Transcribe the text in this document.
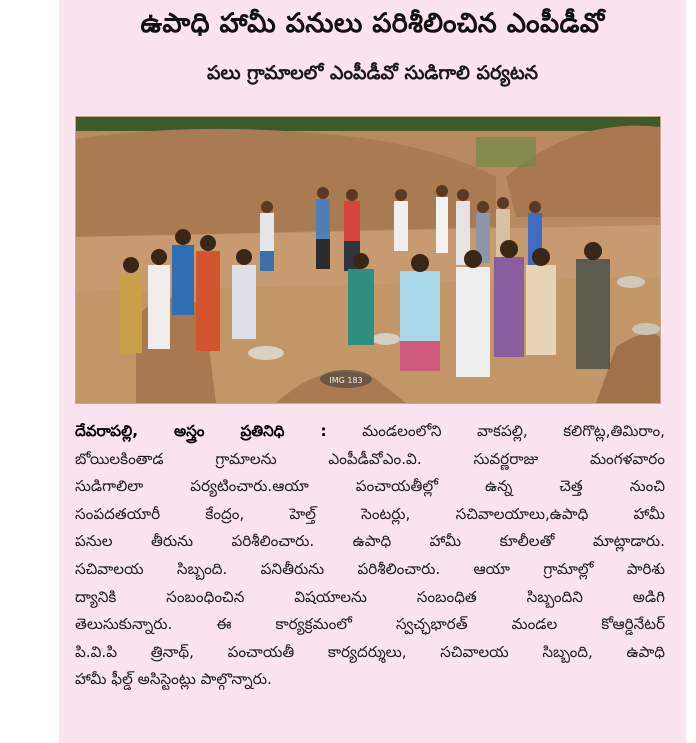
ఉపాధి హామీ పనులు పరిశీలించిన ఎంపీడీవో
పలు గ్రామాలలో ఎంపీడీవో సుడిగాలి పర్యటన
IMG 183

దేవరాపల్లి, అస్త్రం ప్రతినిధి : మండలంలోని వాకపల్లి, కలిగొట్ల,తిమిరాం,

బోయిలకింతాడ గ్రామాలను ఎంపీడీవోఎం.వి. సువర్ణరాజు మంగళవారం

సుడిగాలిలా పర్యటించారు.ఆయా పంచాయతీల్లో ఉన్న చెత్త నుంచి

సంపదతయారీ కేంద్రం, హెల్త్ సెంటర్లు, సచివాలయాలు,ఉపాధి హామీ

పనుల తీరును పరిశీలించారు. ఉపాధి హామీ కూలీలతో మాట్లాడారు.

సచివాలయ సిబ్బంది. పనితీరును పరిశీలించారు. ఆయా గ్రామాల్లో పారిశు

ద్యానికి సంబంధించిన విషయాలను సంబంధిత సిబ్బందిని అడిగి

తెలుసుకున్నారు. ఈ కార్యక్రమంలో స్వచ్ఛభారత్ మండల కోఆర్డినేటర్

పి.వి.పి త్రినాథ్, పంచాయతీ కార్యదర్శులు, సచివాలయ సిబ్బంది, ఉపాధి

హామీ ఫీల్డ్ అసిస్టెంట్లు పాల్గొన్నారు.
